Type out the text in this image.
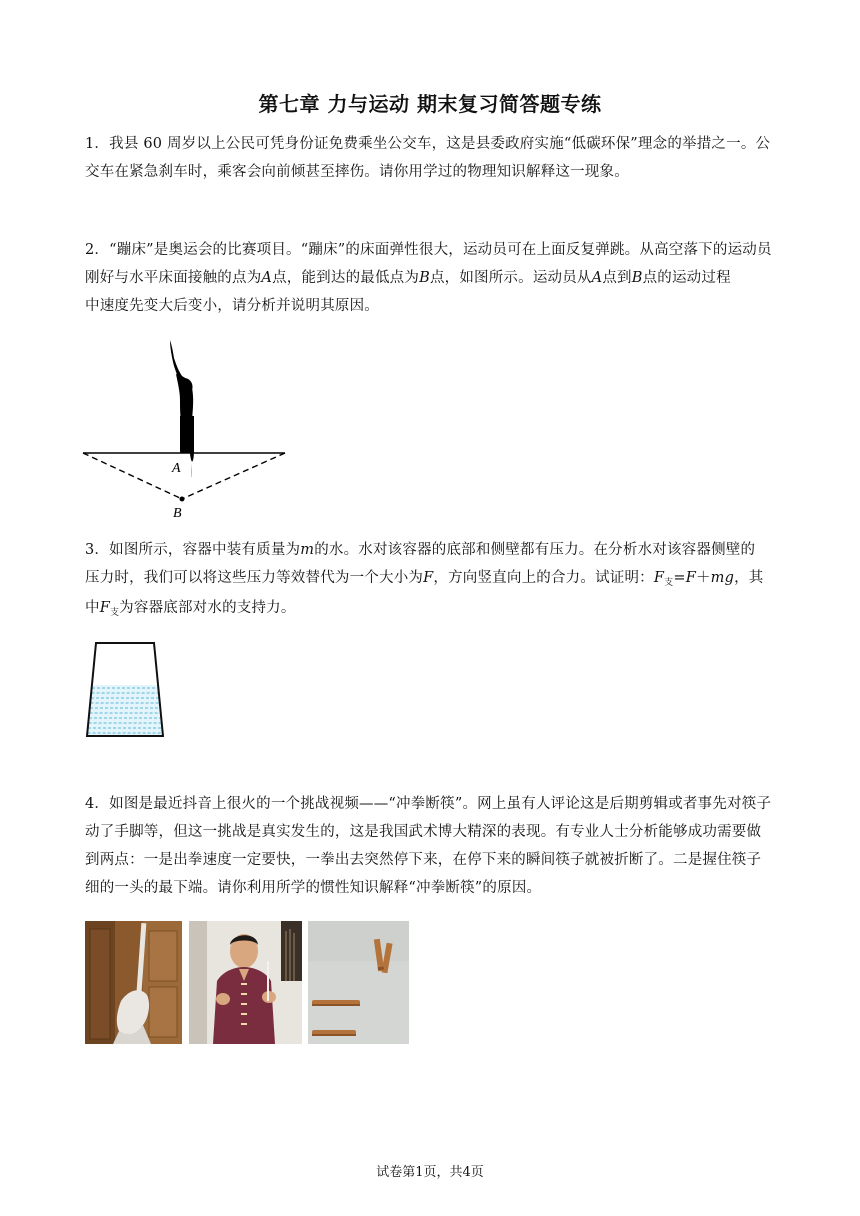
第七章 力与运动 期末复习简答题专练
1．我县 60 周岁以上公民可凭身份证免费乘坐公交车，这是县委政府实施“低碳环保”理念的举措之一。公
交车在紧急刹车时，乘客会向前倾甚至摔伤。请你用学过的物理知识解释这一现象。
2．“蹦床”是奥运会的比赛项目。“蹦床”的床面弹性很大，运动员可在上面反复弹跳。从高空落下的运动员
刚好与水平床面接触的点为A点，能到达的最低点为B点，如图所示。运动员从A点到B点的运动过程
中速度先变大后变小，请分析并说明其原因。
A
B
3．如图所示，容器中装有质量为m的水。水对该容器的底部和侧壁都有压力。在分析水对该容器侧壁的
压力时，我们可以将这些压力等效替代为一个大小为F，方向竖直向上的合力。试证明：$F_支=F+mg$，其
中$F_支$为容器底部对水的支持力。
4．如图是最近抖音上很火的一个挑战视频——“冲拳断筷”。网上虽有人评论这是后期剪辑或者事先对筷子
动了手脚等，但这一挑战是真实发生的，这是我国武术博大精深的表现。有专业人士分析能够成功需要做
到两点：一是出拳速度一定要快，一拳出去突然停下来，在停下来的瞬间筷子就被折断了。二是握住筷子
细的一头的最下端。请你利用所学的惯性知识解释“冲拳断筷”的原因。
试卷第1页，共4页
